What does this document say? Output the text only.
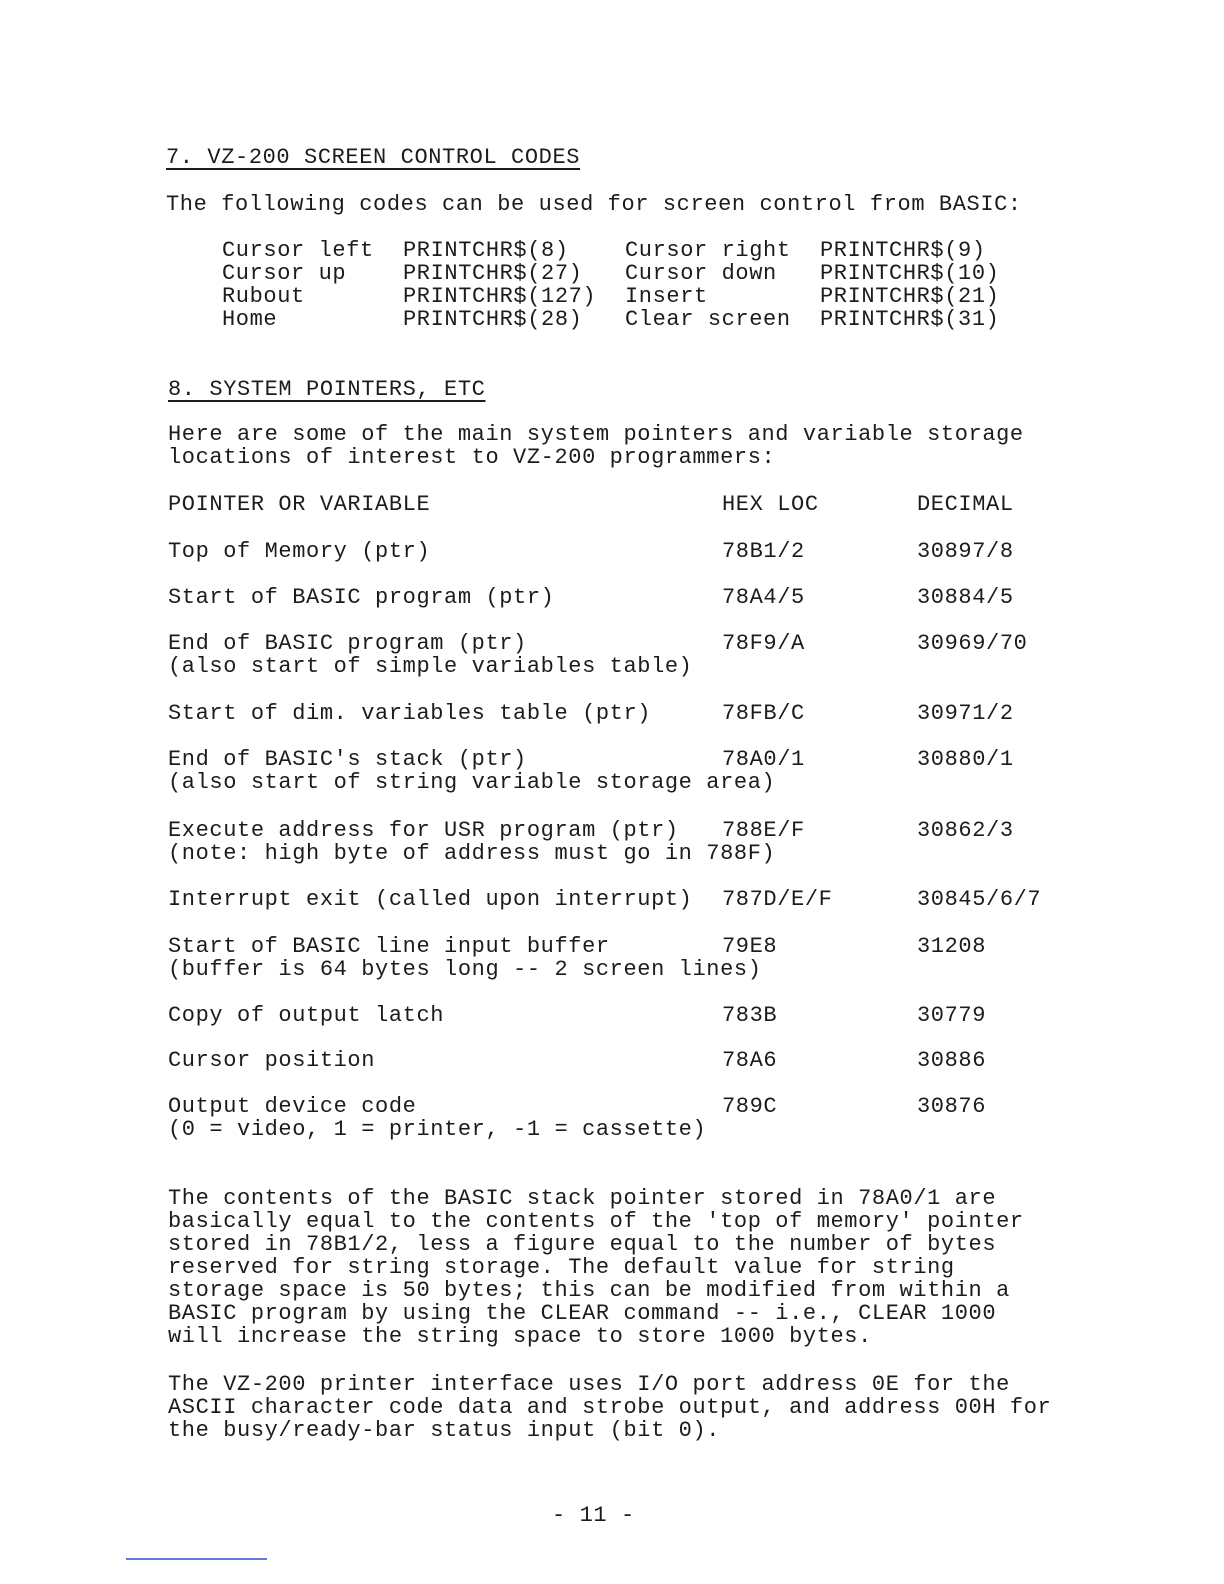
7. VZ-200 SCREEN CONTROL CODES
The following codes can be used for screen control from BASIC:
Cursor left PRINTCHR$(8)	Cursor right PRINTCHR$(9)
Cursor up	PRINTCHR$(27) Cursor down PRINTCHR$(10)
Rubout	PRINTCHR$(127) Insert	PRINTCHR$(21)
Home	PRINTCHR$(28) Clear screen PRINTCHR$(31)
8. SYSTEM POINTERS, ETC
Here are some of the main system pointers and variable storage
locations of interest to VZ-200 programmers:
POINTER OR VARIABLE	HEX LOC	DECIMAL
Top of Memory (ptr)	78B1/2	30897/8
Start of BASIC program (ptr)	78A4/5	30884/5
End of BASIC program (ptr)	78F9/A	30969/70
(also start of simple variables table)
Start of dim. variables table (ptr)	78FB/C	30971/2
End of BASIC's stack (ptr)	78A0/1	30880/1
(also start of string variable storage area)
Execute address for USR program (ptr) 788E/F	30862/3
(note: high byte of address must go in 788F)
Interrupt exit (called upon interrupt) 787D/E/F	30845/6/7
Start of BASIC line input buffer	79E8	31208
(buffer is 64 bytes long -- 2 screen lines)
Copy of output latch	783B	30779
Cursor position	78A6	30886
Output device code	789C	30876
(0 = video, 1 = printer, -1 = cassette)
The contents of the BASIC stack pointer stored in 78A0/1 are
basically equal to the contents of the 'top of memory' pointer
stored in 78B1/2, less a figure equal to the number of bytes
reserved for string storage. The default value for string
storage space is 50 bytes; this can be modified from within a
BASIC program by using the CLEAR command -- i.e., CLEAR 1000
will increase the string space to store 1000 bytes.
The VZ-200 printer interface uses I/O port address 0E for the
ASCII character code data and strobe output, and address 00H for
the busy/ready-bar status input (bit 0).
- 11 -
